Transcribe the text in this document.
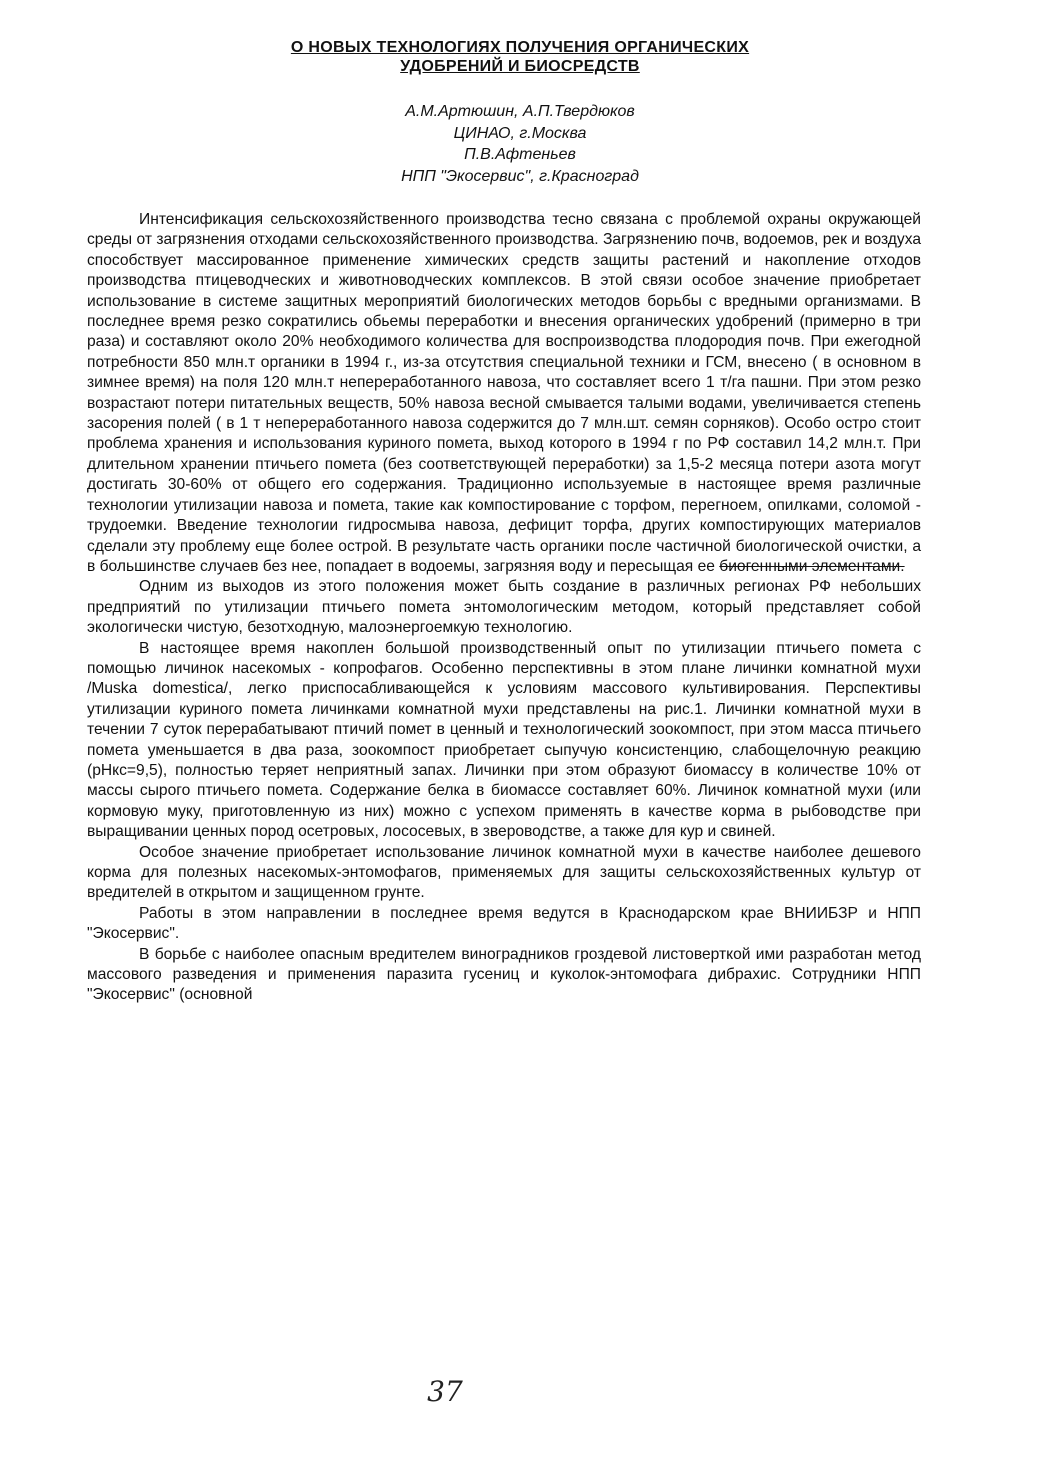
О НОВЫХ ТЕХНОЛОГИЯХ ПОЛУЧЕНИЯ ОРГАНИЧЕСКИХ
УДОБРЕНИЙ И БИОСРЕДСТВ
А.М.Артюшин, А.П.Твердюков
ЦИНАО, г.Москва
П.В.Афтеньев
НПП "Экосервис", г.Красноград

Интенсификация сельскохозяйственного производства тесно связана с проблемой охраны окружающей среды от загрязнения отходами сельскохозяйственного производства. Загрязнению почв, водоемов, рек и воздуха способствует массированное применение химических средств защиты растений и накопление отходов производства птицеводческих и животноводческих комплексов. В этой связи особое значение приобретает использование в системе защитных мероприятий биологических методов борьбы с вредными организмами. В последнее время резко сократились обьемы переработки и внесения органических удобрений (примерно в три раза) и составляют около 20% необходимого количества для воспроизводства плодородия почв. При ежегодной потребности 850 млн.т органики в 1994 г., из-за отсутствия специальной техники и ГСМ, внесено ( в основном в зимнее время) на поля 120 млн.т непереработанного навоза, что составляет всего 1 т/га пашни. При этом резко возрастают потери питательных веществ, 50% навоза весной смывается талыми водами, увеличивается степень засорения полей ( в 1 т непереработанного навоза содержится до 7 млн.шт. семян сорняков). Особо остро стоит проблема хранения и использования куриного помета, выход которого в 1994 г по РФ составил 14,2 млн.т. При длительном хранении птичьего помета (без соответствующей переработки) за 1,5-2 месяца потери азота могут достигать 30-60% от общего его содержания. Традиционно используемые в настоящее время различные технологии утилизации навоза и помета, такие как компостирование с торфом, перегноем, опилками, соломой - трудоемки. Введение технологии гидросмыва навоза, дефицит торфа, других компостирующих материалов сделали эту проблему еще более острой. В результате часть органики после частичной биологической очистки, а в большинстве случаев без нее, попадает в водоемы, загрязняя воду и пересыщая ее биогенными элементами.

Одним из выходов из этого положения может быть создание в различных регионах РФ небольших предприятий по утилизации птичьего помета энтомологическим методом, который представляет собой экологически чистую, безотходную, малоэнергоемкую технологию.

В настоящее время накоплен большой производственный опыт по утилизации птичьего помета с помощью личинок насекомых - копрофагов. Особенно перспективны в этом плане личинки комнатной мухи /Muska domestica/, легко приспосабливающейся к условиям массового культивирования. Перспективы утилизации куриного помета личинками комнатной мухи представлены на рис.1. Личинки комнатной мухи в течении 7 суток перерабатывают птичий помет в ценный и технологический зоокомпост, при этом масса птичьего помета уменьшается в два раза, зоокомпост приобретает сыпучую консистенцию, слабощелочную реакцию (pHкс=9,5), полностью теряет неприятный запах. Личинки при этом образуют биомассу в количестве 10% от массы сырого птичьего помета. Содержание белка в биомассе составляет 60%. Личинок комнатной мухи (или кормовую муку, приготовленную из них) можно с успехом применять в качестве корма в рыбоводстве при выращивании ценных пород осетровых, лососевых, в звероводстве, а также для кур и свиней.

Особое значение приобретает использование личинок комнатной мухи в качестве наиболее дешевого корма для полезных насекомых-энтомофагов, применяемых для защиты сельскохозяйственных культур от вредителей в открытом и защищенном грунте.

Работы в этом направлении в последнее время ведутся в Краснодарском крае ВНИИБЗР и НПП "Экосервис".

В борьбе с наиболее опасным вредителем виноградников гроздевой листоверткой ими разработан метод массового разведения и применения паразита гусениц и куколок-энтомофага дибрахис. Сотрудники НПП "Экосервис" (основной

37
